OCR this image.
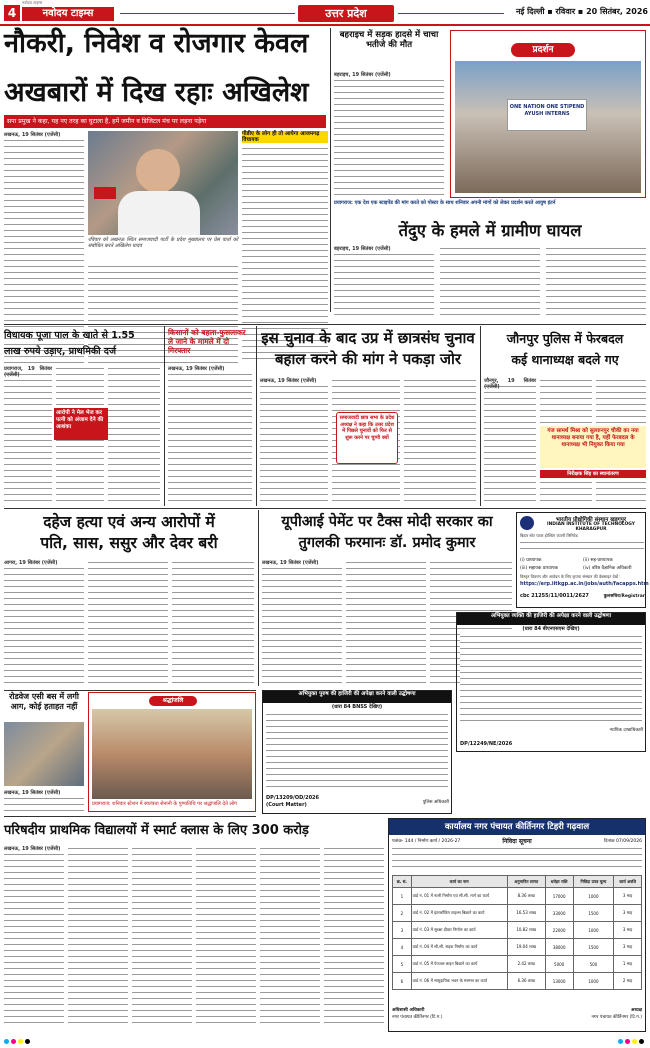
4
नवोदय टाइम्स
नवोदय टाइम्स	उत्तर प्रदेश	नई दिल्ली ▪ रविवार ▪ 20 सितंबर, 2026
नौकरी, निवेश व रोजगार केवल
अखबारों में दिख रहाः अखिलेश
सपा प्रमुख ने कहा, यह नए तरह का घुटाला है, हमें जमीन व डिजिटल मंच पर लड़ना पड़ेगा
लखनऊ, 19 सितंबर (एजेंसी)
रविवार को लखनऊ स्थित समाजवादी पार्टी के प्रदेश मुख्यालय पर प्रेस वार्ता को संबोधित करते अखिलेश यादव
पीडीए के लोग ही तो आयेगा आजमगढ़ विधायक
बहराइच में सड़क हादसे में चाचा भतीजे की मौत
बहराइच, 19 सितंबर (एजेंसी)
प्रदर्शन
ONE NATION ONE STIPEND AYUSH INTERNS
प्रयागराज: एक देश एक स्टाइपेंड की मांग करते को पोस्टर के साथ शनिवार अपनी मांगों को लेकर प्रदर्शन करते आयुष इंटर्न
तेंदुए के हमले में ग्रामीण घायल
बहराइच, 19 सितंबर (एजेंसी)
विधायक पूजा पाल के खाते से 1.55
लाख रुपये उड़ाए, प्राथमिकी दर्ज
प्रयागराज, 19 सितंबर (एजेंसी)
आरोपी ने मेल भेज कर पत्नी को अंजाम देने की आशंका
किसानों को बहला-फुसलाकर ले जाने के मामले में दो गिरफ्तार
लखनऊ, 19 सितंबर (एजेंसी)
इस चुनाव के बाद उप्र में छात्रसंघ चुनाव
बहाल करने की मांग ने पकड़ा जोर
लखनऊ, 19 सितंबर (एजेंसी)
समाजवादी छात्र सभा के प्रदेश अध्यक्ष ने कहा कि उत्तर प्रदेश में पिछले चुनावों को फिर से शुरू करने पर चुप्पी क्यों
जौनपुर पुलिस में फेरबदल
कई थानाध्यक्ष बदले गए
जौनपुर, 19 सितंबर (एजेंसी)
गंज सामर्थ मिश्रा को सुल्तानपुर चौकी का नया थानाध्यक्ष बनाया गया है, यहीं फेरबदल के थानाध्यक्ष भी नियुक्त किया गया
निरीक्षक सिंह का स्थानांतरण
दहेज हत्या एवं अन्य आरोपों में
पति, सास, ससुर और देवर बरी
आगरा, 19 सितंबर (एजेंसी)
यूपीआई पेमेंट पर टैक्स मोदी सरकार का
तुगलकी फरमानः डॉ. प्रमोद कुमार
लखनऊ, 19 सितंबर (एजेंसी)
भारतीय प्रौद्योगिकी संस्थान खड़गपुर
INDIAN INSTITUTE OF TECHNOLOGY KHARAGPUR
बिहार स्टेट पावर होल्डिंग कंपनी लिमिटेड
(i) प्राध्यापक	(ii) सह-प्राध्यापक
(iii) सहायक प्राध्यापक	(iv) वरिष्ठ वैज्ञानिक अधिकारी
विस्तृत विवरण और आवेदन के लिए कृपया संस्थान की वेबसाइट देखें :
https://erp.iitkgp.ac.in/jobs/auth/facapps.htm
cbc 21255/11/0011/2627	कुलसचिव/Registrar
रोडवेज एसी बस में लगी आग, कोई हताहत नहीं
लखनऊ, 19 सितंबर (एजेंसी)
श्रद्धांजलि
प्रयागराज: शनिवार स्टेशन में स्वतंत्रता सेनानी के पुण्यतिथि पर श्रद्धांजलि देते लोग
परिषदीय प्राथमिक विद्यालयों में स्मार्ट क्लास के लिए 300 करोड़
लखनऊ, 19 सितंबर (एजेंसी)
अभियुक्त पुरुष की हाजिरी की अपेक्षा करने वाली उद्घोषणा
(धारा 84 BNSS देखिए)
DP/13209/OD/2026
(Court Matter)	पुलिस अधिकारी
अभियुक्त व्यक्ति की हाजिरी की अपेक्षा करने वाली उद्घोषणा
(धारा 84 बीएनएसएस देखिए)
न्यायिक दण्डाधिकारी
DP/12249/NE/2026
कार्यालय नगर पंचायत कीर्तिनगर टिहरी गढ़वाल
पत्रांक- 144 / निर्माण कार्य / 2026-27	निविदा सूचना	दिनांक 07/09/2026
क्र. सं.	कार्य का नाम	अनुमानित लागत	धरोहर राशि	निविदा प्रपत्र मूल्य	कार्य अवधि
1	वार्ड नं. 01 में नाली निर्माण एवं सी.सी. मार्ग का कार्य	8.36 लाख	17000	1000	3 माह
2	वार्ड नं. 02 में इंटरलॉकिंग टाइल्स बिछाने का कार्य	16.53 लाख	33000	1500	3 माह
3	वार्ड नं. 03 में सुरक्षा दीवार निर्माण का कार्य	10.82 लाख	22000	1000	3 माह
4	वार्ड नं. 04 में सी.सी. सड़क निर्माण का कार्य	19.04 लाख	38000	1500	3 माह
5	वार्ड नं. 05 में पेयजल लाइन बिछाने का कार्य	2.42 लाख	5000	500	1 माह
6	वार्ड नं. 06 में सामुदायिक भवन के मरम्मत का कार्य	6.36 लाख	13000	1000	2 माह
अधिशासी अधिकारी
नगर पंचायत कीर्तिनगर (टि.ग.)
अध्यक्ष
नगर पंचायत कीर्तिनगर (टि.ग.)
